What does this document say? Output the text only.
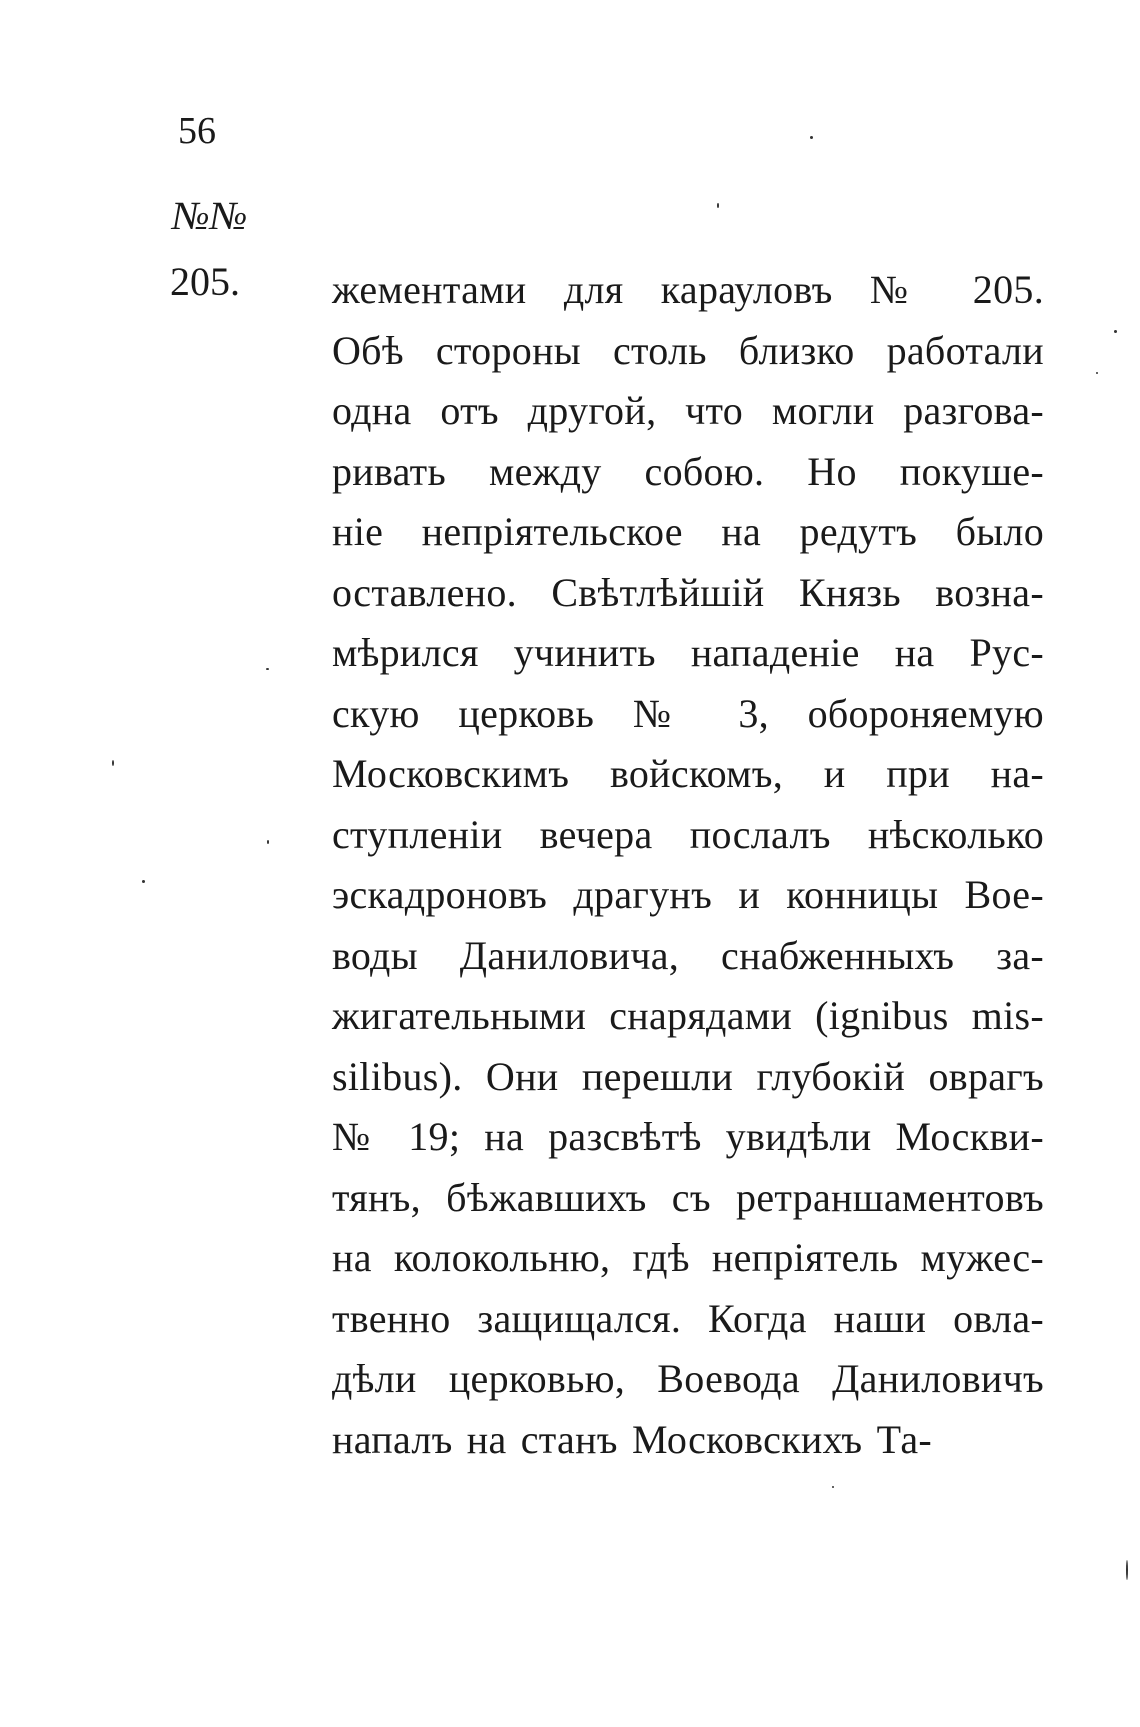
56
№№
205. жементами для карауловъ № 205.
Обѣ стороны столь близко работали
одна отъ другой, что могли разгова-
ривать между собою. Но покуше-
ніе непріятельское на редутъ было
оставлено. Свѣтлѣйшій Князь возна-
мѣрился учинить нападеніе на Рус-
скую церковь № 3, обороняемую
Московскимъ войскомъ, и при на-
ступленіи вечера послалъ нѣсколько
эскадроновъ драгунъ и конницы Вое-
воды Даниловича, снабженныхъ за-
жигательными снарядами (ignibus mis-
silibus). Они перешли глубокій оврагъ
№ 19; на разсвѣтѣ увидѣли Москви-
тянъ, бѣжавшихъ съ ретраншаментовъ
на колокольню, гдѣ непріятель мужес-
твенно защищался. Когда наши овла-
дѣли церковью, Воевода Даниловичъ
напалъ на станъ Московскихъ Та-
